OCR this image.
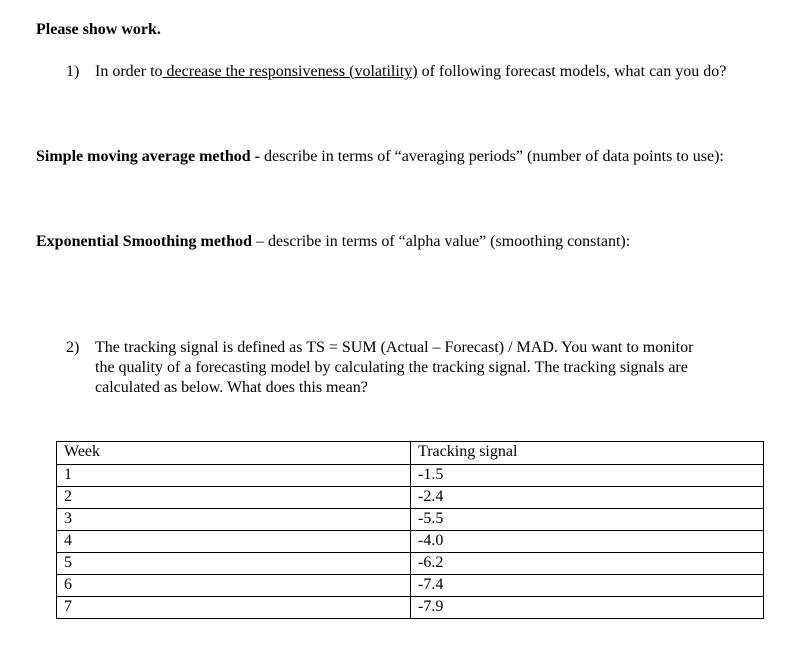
Please show work.
1) In order to decrease the responsiveness (volatility) of following forecast models, what can you do?
Simple moving average method - describe in terms of “averaging periods” (number of data points to use):
Exponential Smoothing method – describe in terms of “alpha value” (smoothing constant):
2) The tracking signal is defined as TS = SUM (Actual – Forecast) / MAD. You want to monitor the quality of a forecasting model by calculating the tracking signal. The tracking signals are calculated as below. What does this mean?
Week	Tracking signal
1	-1.5
2	-2.4
3	-5.5
4	-4.0
5	-6.2
6	-7.4
7	-7.9
